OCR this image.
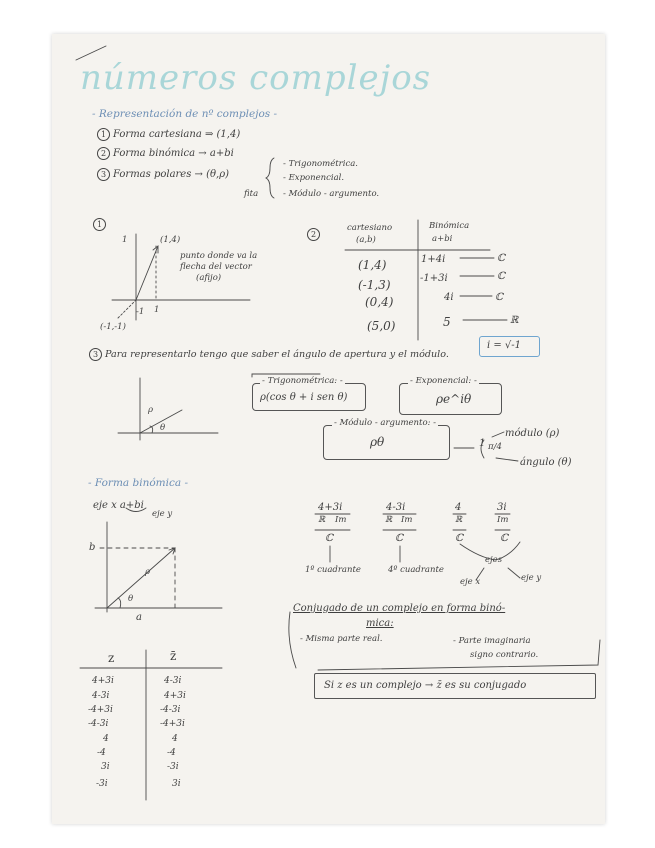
números complejos
- Representación de nº complejos -
1 Forma cartesiana ⇒ (1,4)
2 Forma binómica → a+bi
3 Formas polares → (θ,ρ)
- Trigonométrica.
- Exponencial.
- Módulo - argumento.
fita
1
(1,4)
punto donde va la
flecha del vector
(afijo)
(-1,-1)
1
1
-1
2
cartesiano
(a,b)
Binómica
a+bi
(1,4)	1+4i	ℂ
(-1,3)	-1+3i	ℂ
(0,4)	4i	ℂ
(5,0)	5	ℝ
i = √-1
3 Para representarlo tengo que saber el ángulo de apertura y el módulo.
- Trigonométrica: -
ρ(cos θ + i sen θ)
- Exponencial: -
ρe^iθ
- Módulo - argumento: -
ρθ
ρ
θ
1 π/4
módulo (ρ)
ángulo (θ)
- Forma binómica -
eje x a+bi
eje y
b
a
ρ
θ
4+3i
ℝ Im
ℂ
1º cuadrante
4-3i
ℝ Im
ℂ
4º cuadrante
4
ℝ
ℂ
3i
Im
ℂ
ejes
eje x	eje y
Conjugado de un complejo en forma binó-
mica:
- Misma parte real.	- Parte imaginaria
signo contrario.
Si z es un complejo → z̄ es su conjugado
z	z̄
4+3i	4-3i
4-3i	4+3i
-4+3i	-4-3i
-4-3i	-4+3i
4	4
-4	-4
3i	-3i
-3i	3i
